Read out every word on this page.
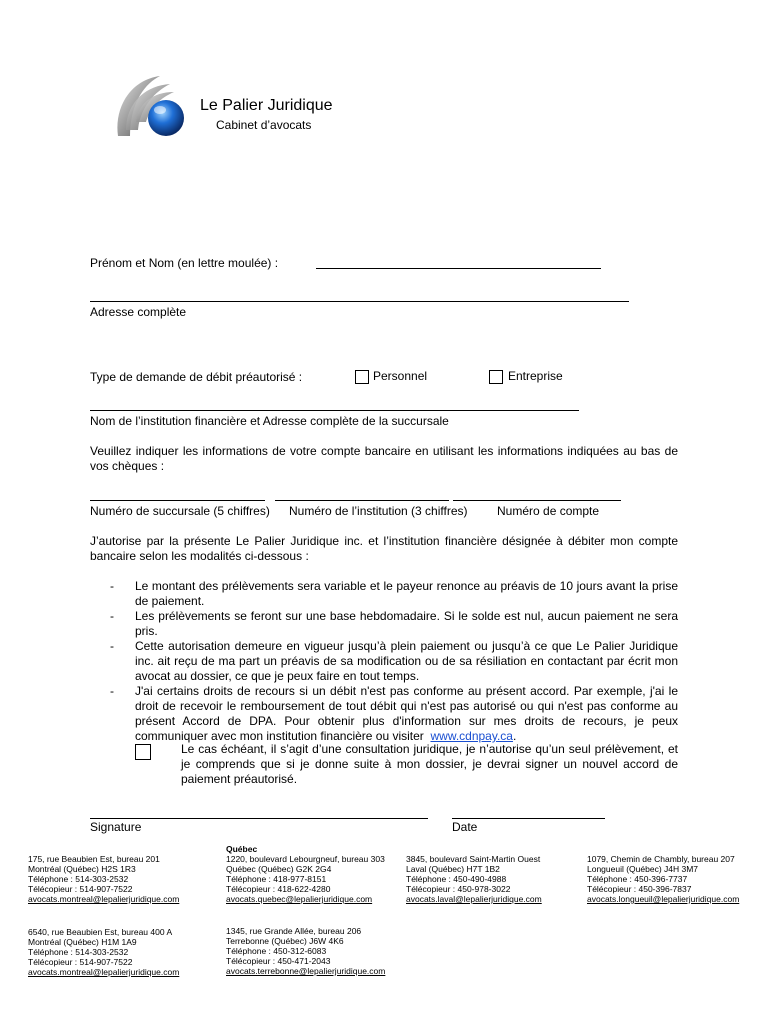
Le Palier Juridique
Cabinet d’avocats
Prénom et Nom (en lettre moulée) :
Adresse complète
Type de demande de débit préautorisé :	Personnel	Entreprise
Nom de l’institution financière et Adresse complète de la succursale
Veuillez indiquer les informations de votre compte bancaire en utilisant les informations indiquées au bas de vos chèques :
Numéro de succursale (5 chiffres) Numéro de l’institution (3 chiffres) Numéro de compte
J’autorise par la présente Le Palier Juridique inc. et l’institution financière désignée à débiter mon compte bancaire selon les modalités ci-dessous :
- Le montant des prélèvements sera variable et le payeur renonce au préavis de 10 jours avant la prise de paiement.
- Les prélèvements se feront sur une base hebdomadaire. Si le solde est nul, aucun paiement ne sera pris.
- Cette autorisation demeure en vigueur jusqu’à plein paiement ou jusqu’à ce que Le Palier Juridique inc. ait reçu de ma part un préavis de sa modification ou de sa résiliation en contactant par écrit mon avocat au dossier, ce que je peux faire en tout temps.
- J'ai certains droits de recours si un débit n'est pas conforme au présent accord. Par exemple, j'ai le droit de recevoir le remboursement de tout débit qui n'est pas autorisé ou qui n'est pas conforme au présent Accord de DPA. Pour obtenir plus d'information sur mes droits de recours, je peux communiquer avec mon institution financière ou visiter www.cdnpay.ca.
Le cas échéant, il s’agit d’une consultation juridique, je n’autorise qu’un seul prélèvement, et je comprends que si je donne suite à mon dossier, je devrai signer un nouvel accord de paiement préautorisé.
Signature	Date
175, rue Beaubien Est, bureau 201
Montréal (Québec) H2S 1R3
Téléphone : 514-303-2532
Télécopieur : 514-907-7522
avocats.montreal@lepalierjuridique.com
Québec
1220, boulevard Lebourgneuf, bureau 303
Québec (Québec) G2K 2G4
Téléphone : 418-977-8151
Télécopieur : 418-622-4280
avocats.quebec@lepalierjuridique.com
3845, boulevard Saint-Martin Ouest
Laval (Québec) H7T 1B2
Téléphone : 450-490-4988
Télécopieur : 450-978-3022
avocats.laval@lepalierjuridique.com
1079, Chemin de Chambly, bureau 207
Longueuil (Québec) J4H 3M7
Téléphone : 450-396-7737
Télécopieur : 450-396-7837
avocats.longueuil@lepalierjuridique.com
6540, rue Beaubien Est, bureau 400 A
Montréal (Québec) H1M 1A9
Téléphone : 514-303-2532
Télécopieur : 514-907-7522
avocats.montreal@lepalierjuridique.com
1345, rue Grande Allée, bureau 206
Terrebonne (Québec) J6W 4K6
Téléphone : 450-312-6083
Télécopieur : 450-471-2043
avocats.terrebonne@lepalierjuridique.com
